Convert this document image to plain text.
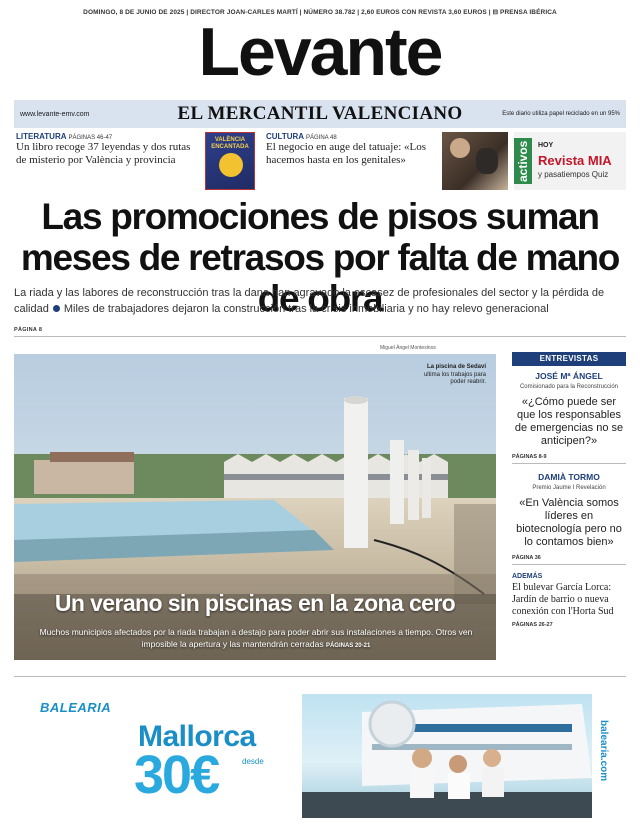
DOMINGO, 8 DE JUNIO DE 2025 | DIRECTOR JOAN-CARLES MARTÍ | NÚMERO 38.782 | 2,60 EUROS CON REVISTA 3,60 EUROS | ⊟ PRENSA IBÉRICA
Levante
www.levante-emv.com	EL MERCANTIL VALENCIANO	Este diario utiliza papel reciclado en un 95%
LITERATURA PÁGINAS 46-47
Un libro recoge 37 leyendas y dos rutas de misterio por València y provincia
VALÈNCIA ENCANTADA
CULTURA PÁGINA 48
El negocio en auge del tatuaje: «Los hacemos hasta en los genitales»	activos HOY
Revista MIA
y pasatiempos Quiz
Las promociones de pisos suman meses de retrasos por falta de mano de obra
La riada y las labores de reconstrucción tras la dana han agravado la escasez de profesionales del sector y la pérdida de calidad Miles de trabajadores dejaron la construcción tras la crisis inmobiliaria y no hay relevo generacional
PÁGINA 8
Miguel Ángel Montesinos
La piscina de Sedaví ultima los trabajos para poder reabrir.
Un verano sin piscinas en la zona cero
Muchos municipios afectados por la riada trabajan a destajo para poder abrir sus instalaciones a tiempo. Otros ven imposible la apertura y las mantendrán cerradas PÁGINAS 20-21
ENTREVISTAS
JOSÉ Mª ÁNGEL
Comisionado para la Reconstrucción
«¿Cómo puede ser que los responsables de emergencias no se anticipen?»
PÁGINAS 8-9
DAMIÀ TORMO
Premio Jaume I Revelación
«En València somos líderes en biotecnología pero no lo contamos bien»
PÁGINA 36
ADEMÁS
El bulevar García Lorca: Jardín de barrio o nueva conexión con l'Horta Sud
PÁGINAS 26-27
BALEARIA
Mallorca
desde
30€	balearia.com
